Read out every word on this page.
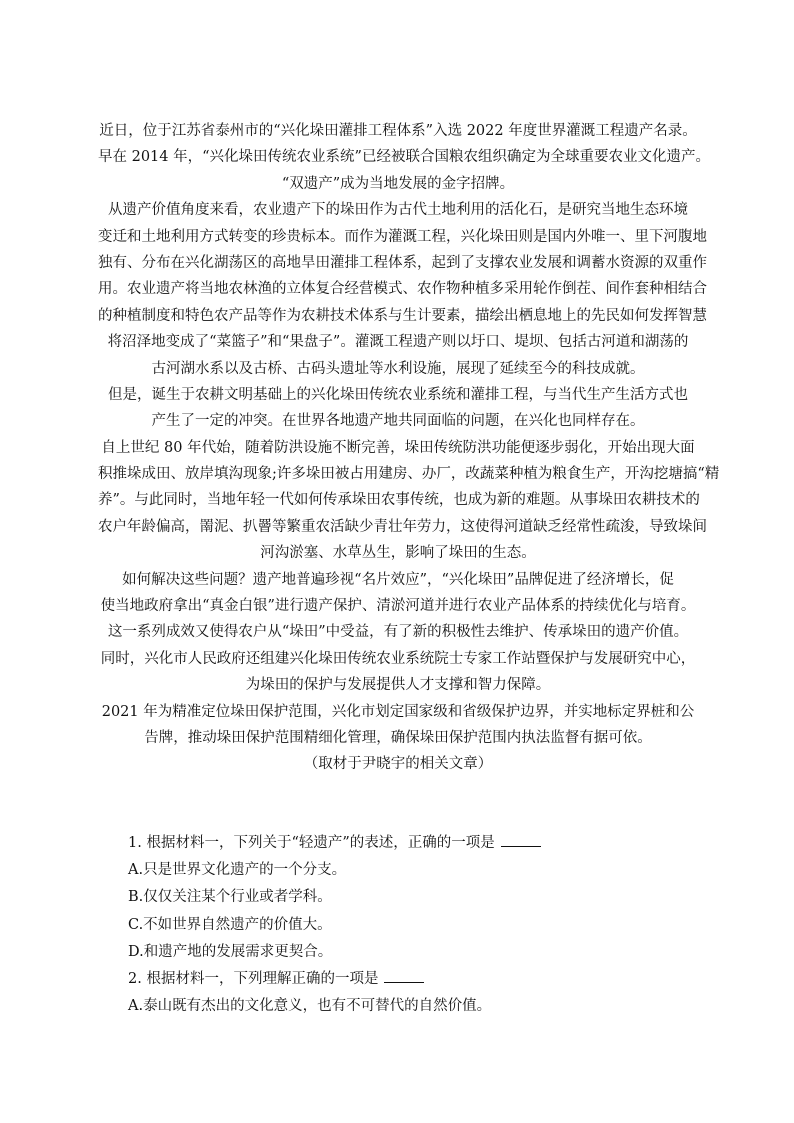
近日，位于江苏省泰州市的“兴化垛田灌排工程体系”入选 2022 年度世界灌溉工程遗产名录。
早在 2014 年，“兴化垛田传统农业系统”已经被联合国粮农组织确定为全球重要农业文化遗产。
“双遗产”成为当地发展的金字招牌。
从遗产价值角度来看，农业遗产下的垛田作为古代土地利用的活化石，是研究当地生态环境
变迁和土地利用方式转变的珍贵标本。而作为灌溉工程，兴化垛田则是国内外唯一、里下河腹地
独有、分布在兴化湖荡区的高地旱田灌排工程体系，起到了支撑农业发展和调蓄水资源的双重作
用。农业遗产将当地农林渔的立体复合经营模式、农作物种植多采用轮作倒茬、间作套种相结合
的种植制度和特色农产品等作为农耕技术体系与生计要素，描绘出栖息地上的先民如何发挥智慧
将沼泽地变成了“菜篮子”和“果盘子”。灌溉工程遗产则以圩口、堤坝、包括古河道和湖荡的
古河湖水系以及古桥、古码头遗址等水利设施，展现了延续至今的科技成就。
但是，诞生于农耕文明基础上的兴化垛田传统农业系统和灌排工程，与当代生产生活方式也
产生了一定的冲突。在世界各地遗产地共同面临的问题，在兴化也同样存在。
自上世纪 80 年代始，随着防洪设施不断完善，垛田传统防洪功能便逐步弱化，开始出现大面
积推垛成田、放岸填沟现象;许多垛田被占用建房、办厂，改蔬菜种植为粮食生产，开沟挖塘搞“精
养”。与此同时，当地年轻一代如何传承垛田农事传统，也成为新的难题。从事垛田农耕技术的
农户年龄偏高，罱泥、扒罾等繁重农活缺少青壮年劳力，这使得河道缺乏经常性疏浚，导致垛间
河沟淤塞、水草丛生，影响了垛田的生态。
如何解决这些问题？遗产地普遍珍视“名片效应”，“兴化垛田”品牌促进了经济增长，促
使当地政府拿出“真金白银”进行遗产保护、清淤河道并进行农业产品体系的持续优化与培育。
这一系列成效又使得农户从“垛田”中受益，有了新的积极性去维护、传承垛田的遗产价值。
同时，兴化市人民政府还组建兴化垛田传统农业系统院士专家工作站暨保护与发展研究中心，
为垛田的保护与发展提供人才支撑和智力保障。
2021 年为精准定位垛田保护范围，兴化市划定国家级和省级保护边界，并实地标定界桩和公
告牌，推动垛田保护范围精细化管理，确保垛田保护范围内执法监督有据可依。
（取材于尹晓宇的相关文章）
1. 根据材料一，下列关于“轻遗产”的表述，正确的一项是
A.只是世界文化遗产的一个分支。
B.仅仅关注某个行业或者学科。
C.不如世界自然遗产的价值大。
D.和遗产地的发展需求更契合。
2. 根据材料一，下列理解正确的一项是
A.泰山既有杰出的文化意义，也有不可替代的自然价值。
